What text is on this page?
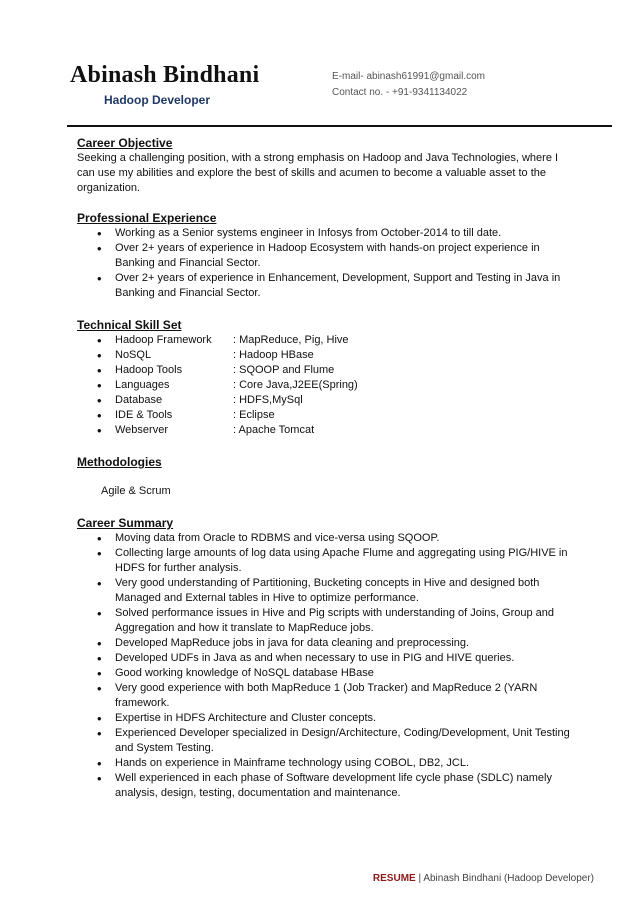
Abinash Bindhani
Hadoop Developer
E-mail- abinash61991@gmail.com
Contact no. - +91-9341134022
Career Objective

Seeking a challenging position, with a strong emphasis on Hadoop and Java Technologies, where I can use my abilities and explore the best of skills and acumen to become a valuable asset to the organization.

Professional Experience
• Working as a Senior systems engineer in Infosys from October-2014 to till date.
• Over 2+ years of experience in Hadoop Ecosystem with hands-on project experience in Banking and Financial Sector.
• Over 2+ years of experience in Enhancement, Development, Support and Testing in Java in Banking and Financial Sector.
Technical Skill Set
• Hadoop Framework : MapReduce, Pig, Hive
• NoSQL	: Hadoop HBase
• Hadoop Tools	: SQOOP and Flume
• Languages	: Core Java,J2EE(Spring)
• Database	: HDFS,MySql
• IDE & Tools	: Eclipse
• Webserver	: Apache Tomcat
Methodologies
Agile & Scrum
Career Summary
• Moving data from Oracle to RDBMS and vice-versa using SQOOP.
• Collecting large amounts of log data using Apache Flume and aggregating using PIG/HIVE in HDFS for further analysis.
• Very good understanding of Partitioning, Bucketing concepts in Hive and designed both Managed and External tables in Hive to optimize performance.
• Solved performance issues in Hive and Pig scripts with understanding of Joins, Group and Aggregation and how it translate to MapReduce jobs.
• Developed MapReduce jobs in java for data cleaning and preprocessing.
• Developed UDFs in Java as and when necessary to use in PIG and HIVE queries.
• Good working knowledge of NoSQL database HBase
• Very good experience with both MapReduce 1 (Job Tracker) and MapReduce 2 (YARN framework.
• Expertise in HDFS Architecture and Cluster concepts.
• Experienced Developer specialized in Design/Architecture, Coding/Development, Unit Testing and System Testing.
• Hands on experience in Mainframe technology using COBOL, DB2, JCL.
• Well experienced in each phase of Software development life cycle phase (SDLC) namely analysis, design, testing, documentation and maintenance.
RESUME | Abinash Bindhani (Hadoop Developer)
